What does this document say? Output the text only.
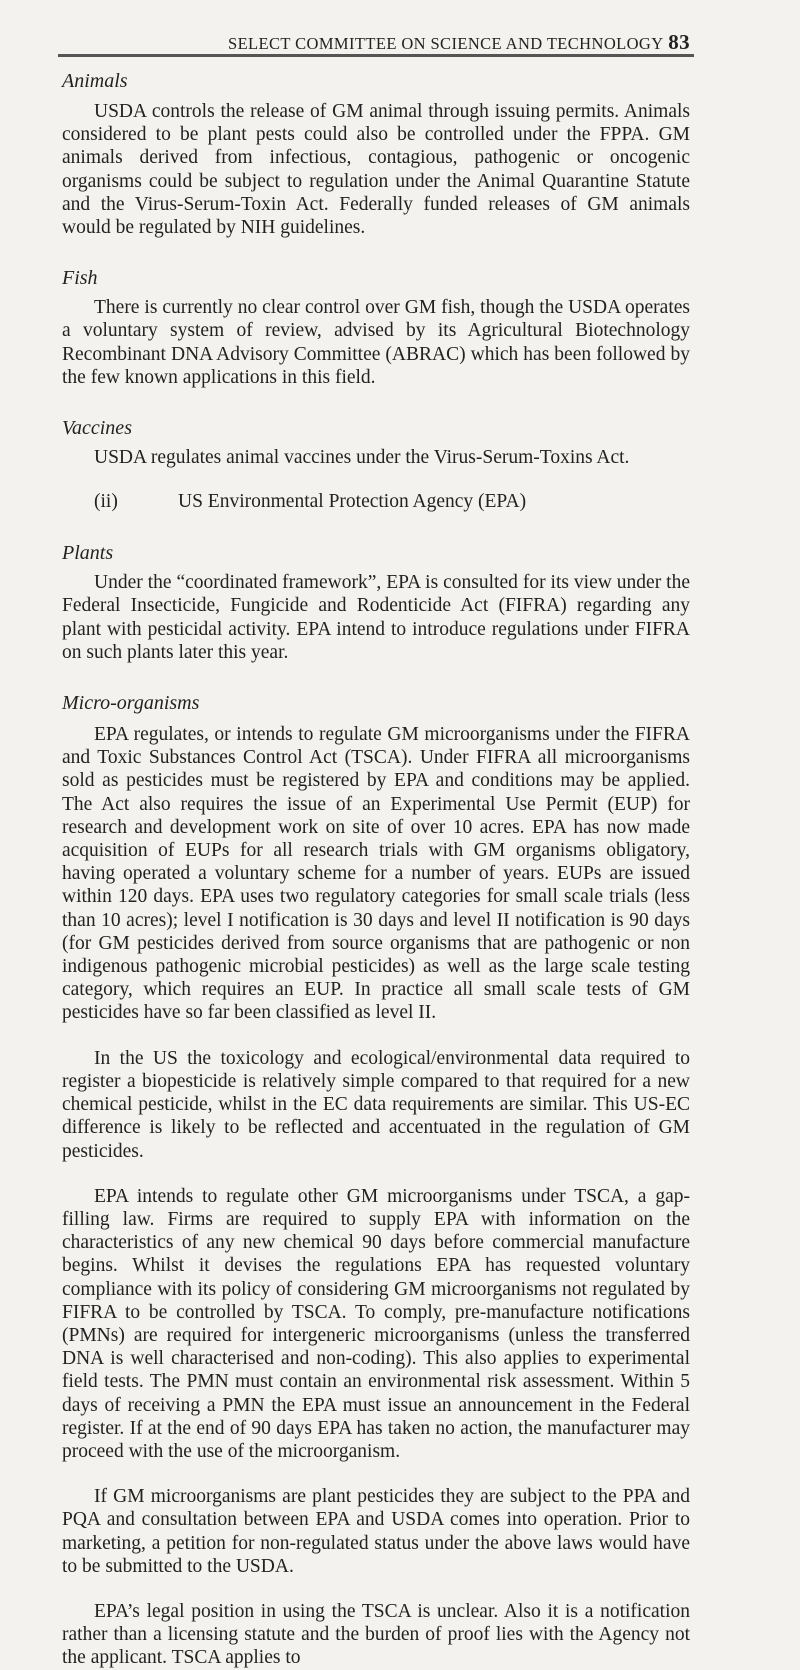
SELECT COMMITTEE ON SCIENCE AND TECHNOLOGY 83

Animals

USDA controls the release of GM animal through issuing permits. Animals considered to be plant pests could also be controlled under the FPPA. GM animals derived from infectious, contagious, pathogenic or oncogenic organisms could be subject to regulation under the Animal Quarantine Statute and the Virus-Serum-Toxin Act. Federally funded releases of GM animals would be regulated by NIH guidelines.

Fish

There is currently no clear control over GM fish, though the USDA operates a voluntary system of review, advised by its Agricultural Biotechnology Recombinant DNA Advisory Committee (ABRAC) which has been followed by the few known applications in this field.

Vaccines

USDA regulates animal vaccines under the Virus-Serum-Toxins Act.

(ii)	US Environmental Protection Agency (EPA)

Plants

Under the “coordinated framework”, EPA is consulted for its view under the Federal Insecticide, Fungicide and Rodenticide Act (FIFRA) regarding any plant with pesticidal activity. EPA intend to introduce regulations under FIFRA on such plants later this year.

Micro-organisms

EPA regulates, or intends to regulate GM microorganisms under the FIFRA and Toxic Substances Control Act (TSCA). Under FIFRA all microorganisms sold as pesticides must be registered by EPA and conditions may be applied. The Act also requires the issue of an Experimental Use Permit (EUP) for research and development work on site of over 10 acres. EPA has now made acquisition of EUPs for all research trials with GM organisms obligatory, having operated a voluntary scheme for a number of years. EUPs are issued within 120 days. EPA uses two regulatory categories for small scale trials (less than 10 acres); level I notification is 30 days and level II notification is 90 days (for GM pesticides derived from source organisms that are pathogenic or non indigenous pathogenic microbial pesticides) as well as the large scale testing category, which requires an EUP. In practice all small scale tests of GM pesticides have so far been classified as level II.

In the US the toxicology and ecological/environmental data required to register a biopesticide is relatively simple compared to that required for a new chemical pesticide, whilst in the EC data requirements are similar. This US-EC difference is likely to be reflected and accentuated in the regulation of GM pesticides.

EPA intends to regulate other GM microorganisms under TSCA, a gap-filling law. Firms are required to supply EPA with information on the characteristics of any new chemical 90 days before commercial manufacture begins. Whilst it devises the regulations EPA has requested voluntary compliance with its policy of considering GM microorganisms not regulated by FIFRA to be controlled by TSCA. To comply, pre-manufacture notifications (PMNs) are required for intergeneric microorganisms (unless the transferred DNA is well characterised and non-coding). This also applies to experimental field tests. The PMN must contain an environmental risk assessment. Within 5 days of receiving a PMN the EPA must issue an announcement in the Federal register. If at the end of 90 days EPA has taken no action, the manufacturer may proceed with the use of the microorganism.

If GM microorganisms are plant pesticides they are subject to the PPA and PQA and consultation between EPA and USDA comes into operation. Prior to marketing, a petition for non-regulated status under the above laws would have to be submitted to the USDA.

EPA’s legal position in using the TSCA is unclear. Also it is a notification rather than a licensing statute and the burden of proof lies with the Agency not the applicant. TSCA applies to
